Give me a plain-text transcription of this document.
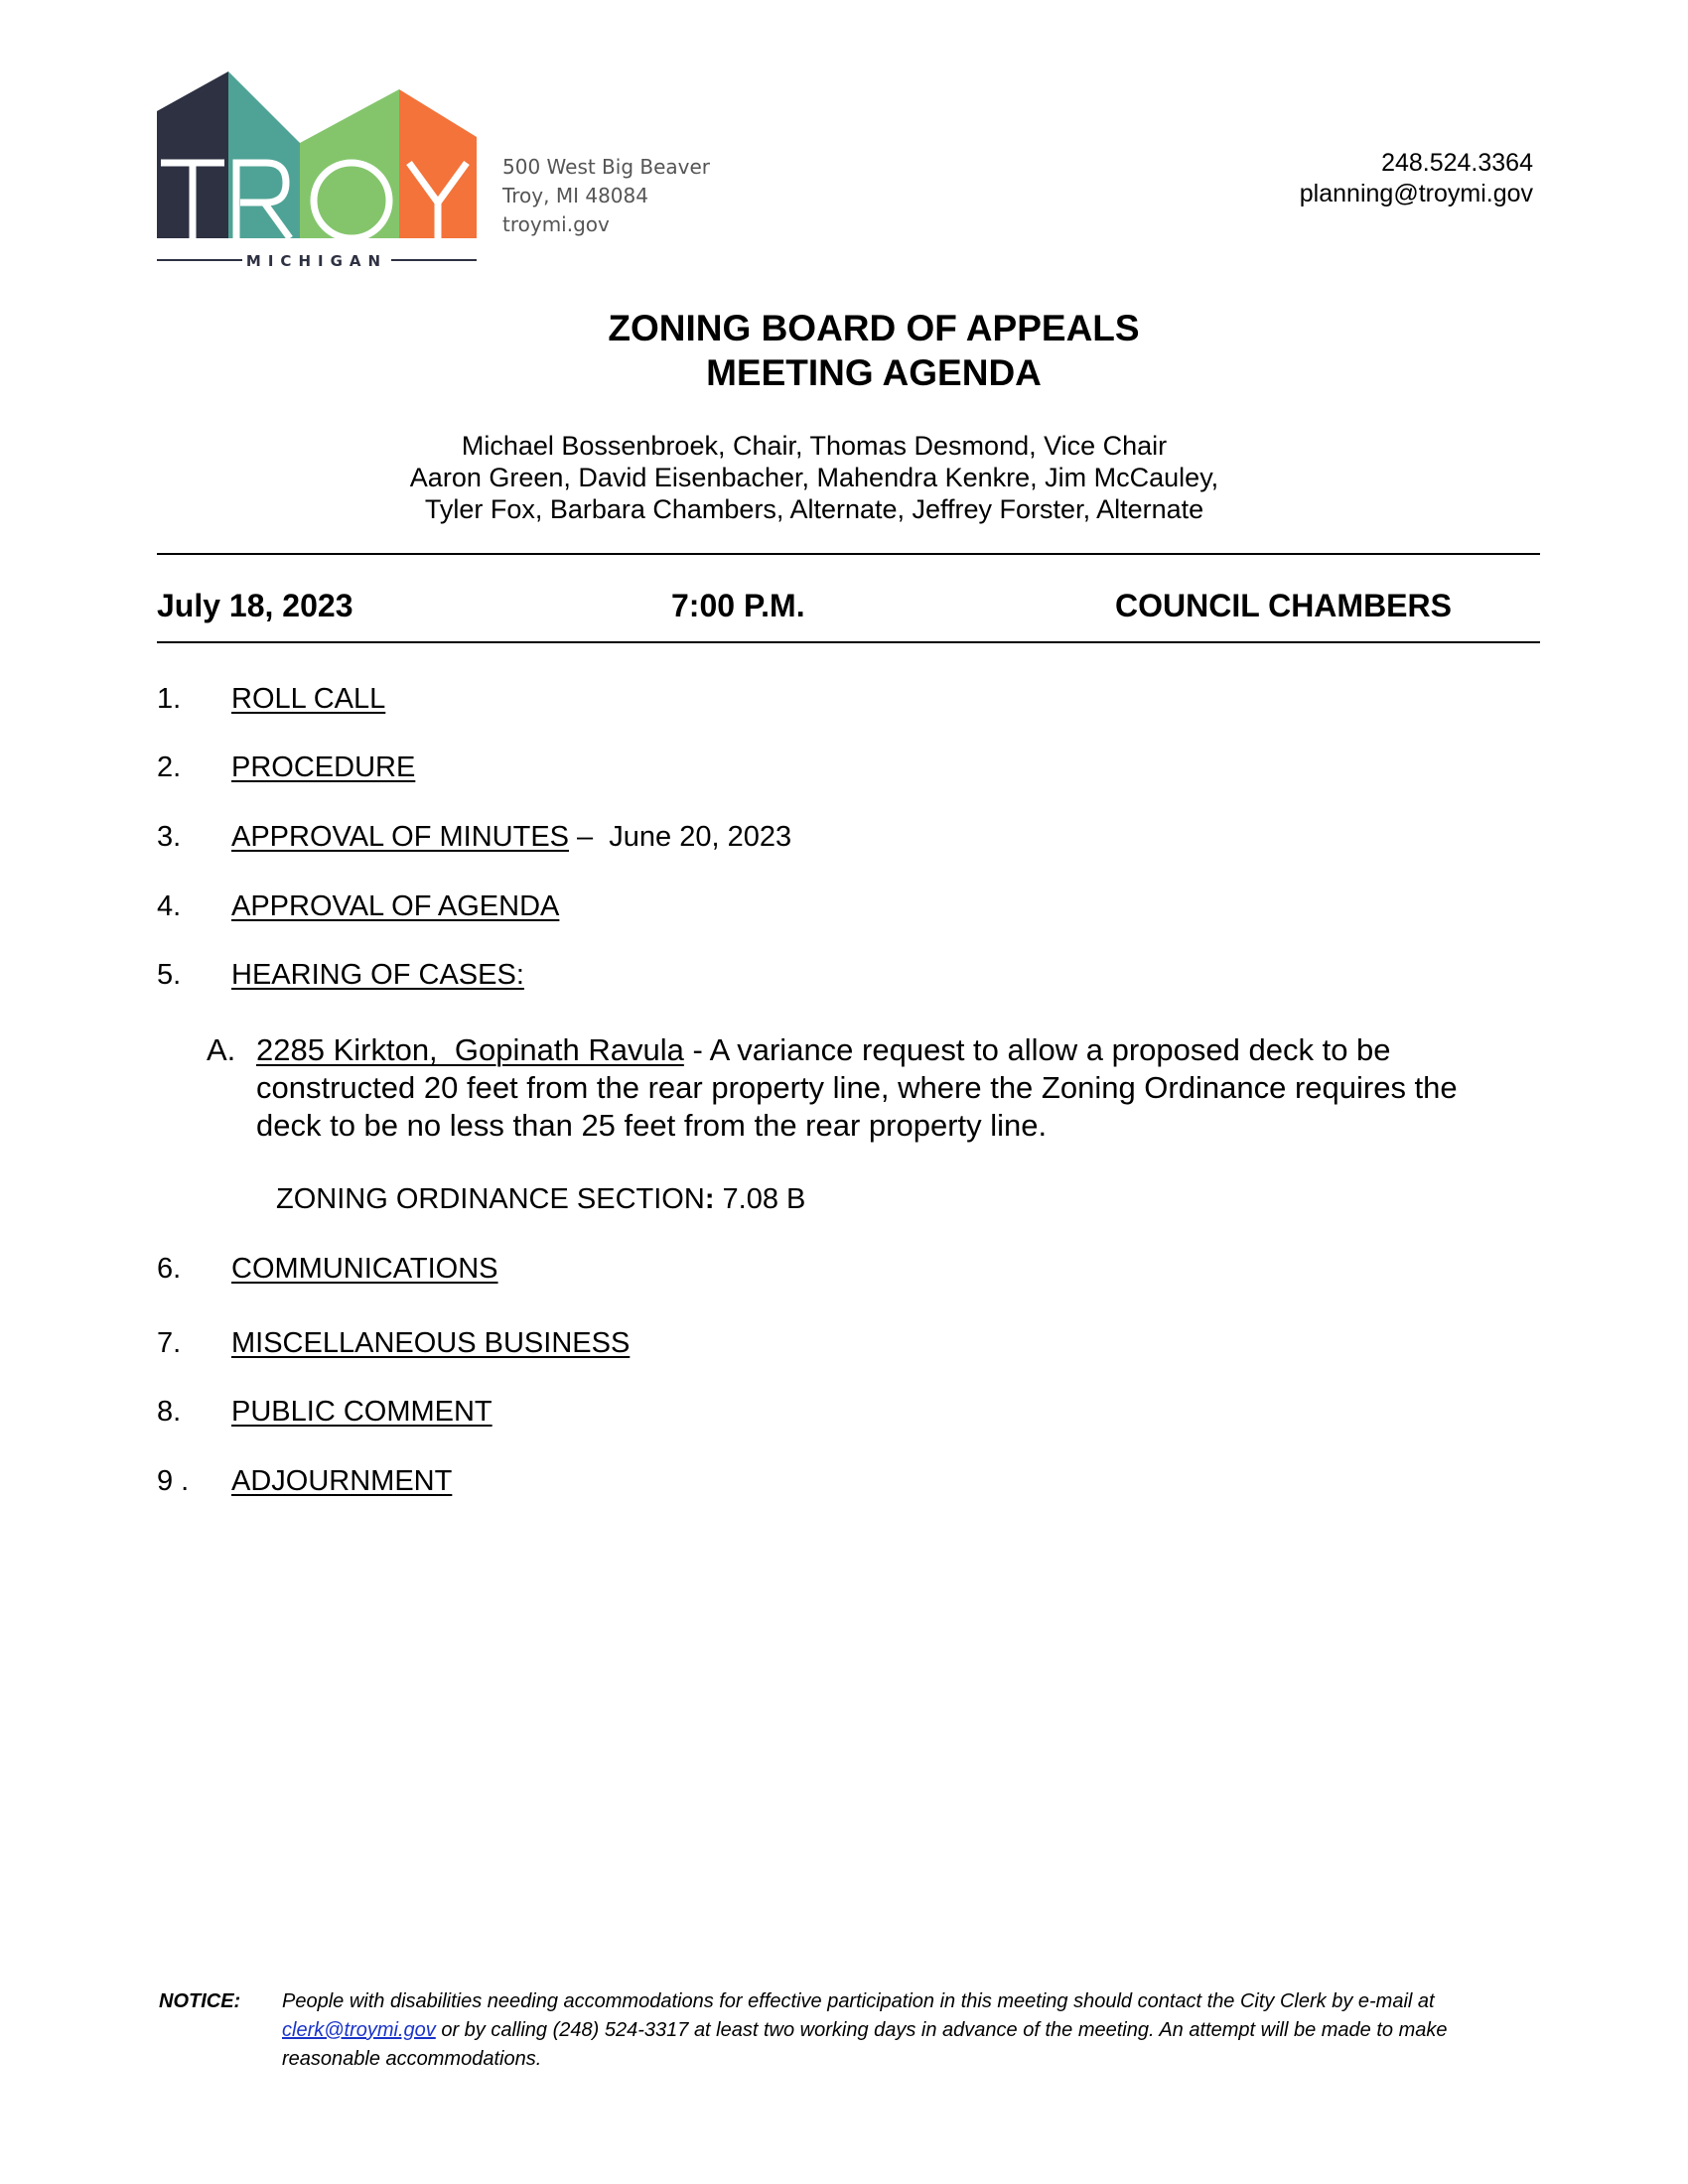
MICHIGAN
500 West Big Beaver
Troy, MI 48084
troymi.gov
248.524.3364
planning@troymi.gov
ZONING BOARD OF APPEALS
MEETING AGENDA
Michael Bossenbroek, Chair, Thomas Desmond, Vice Chair
Aaron Green, David Eisenbacher, Mahendra Kenkre, Jim McCauley,
Tyler Fox, Barbara Chambers, Alternate, Jeffrey Forster, Alternate
July 18, 2023	7:00 P.M.	COUNCIL CHAMBERS
1. ROLL CALL
2. PROCEDURE
3. APPROVAL OF MINUTES –  June 20, 2023
4. APPROVAL OF AGENDA
5. HEARING OF CASES:
A. 2285 Kirkton,  Gopinath Ravula - A variance request to allow a proposed deck to be constructed 20 feet from the rear property line, where the Zoning Ordinance requires the deck to be no less than 25 feet from the rear property line.
ZONING ORDINANCE SECTION: 7.08 B
6. COMMUNICATIONS
7. MISCELLANEOUS BUSINESS
8. PUBLIC COMMENT
9 . ADJOURNMENT
NOTICE: People with disabilities needing accommodations for effective participation in this meeting should contact the City Clerk by e-mail at clerk@troymi.gov or by calling (248) 524-3317 at least two working days in advance of the meeting. An attempt will be made to make reasonable accommodations.
